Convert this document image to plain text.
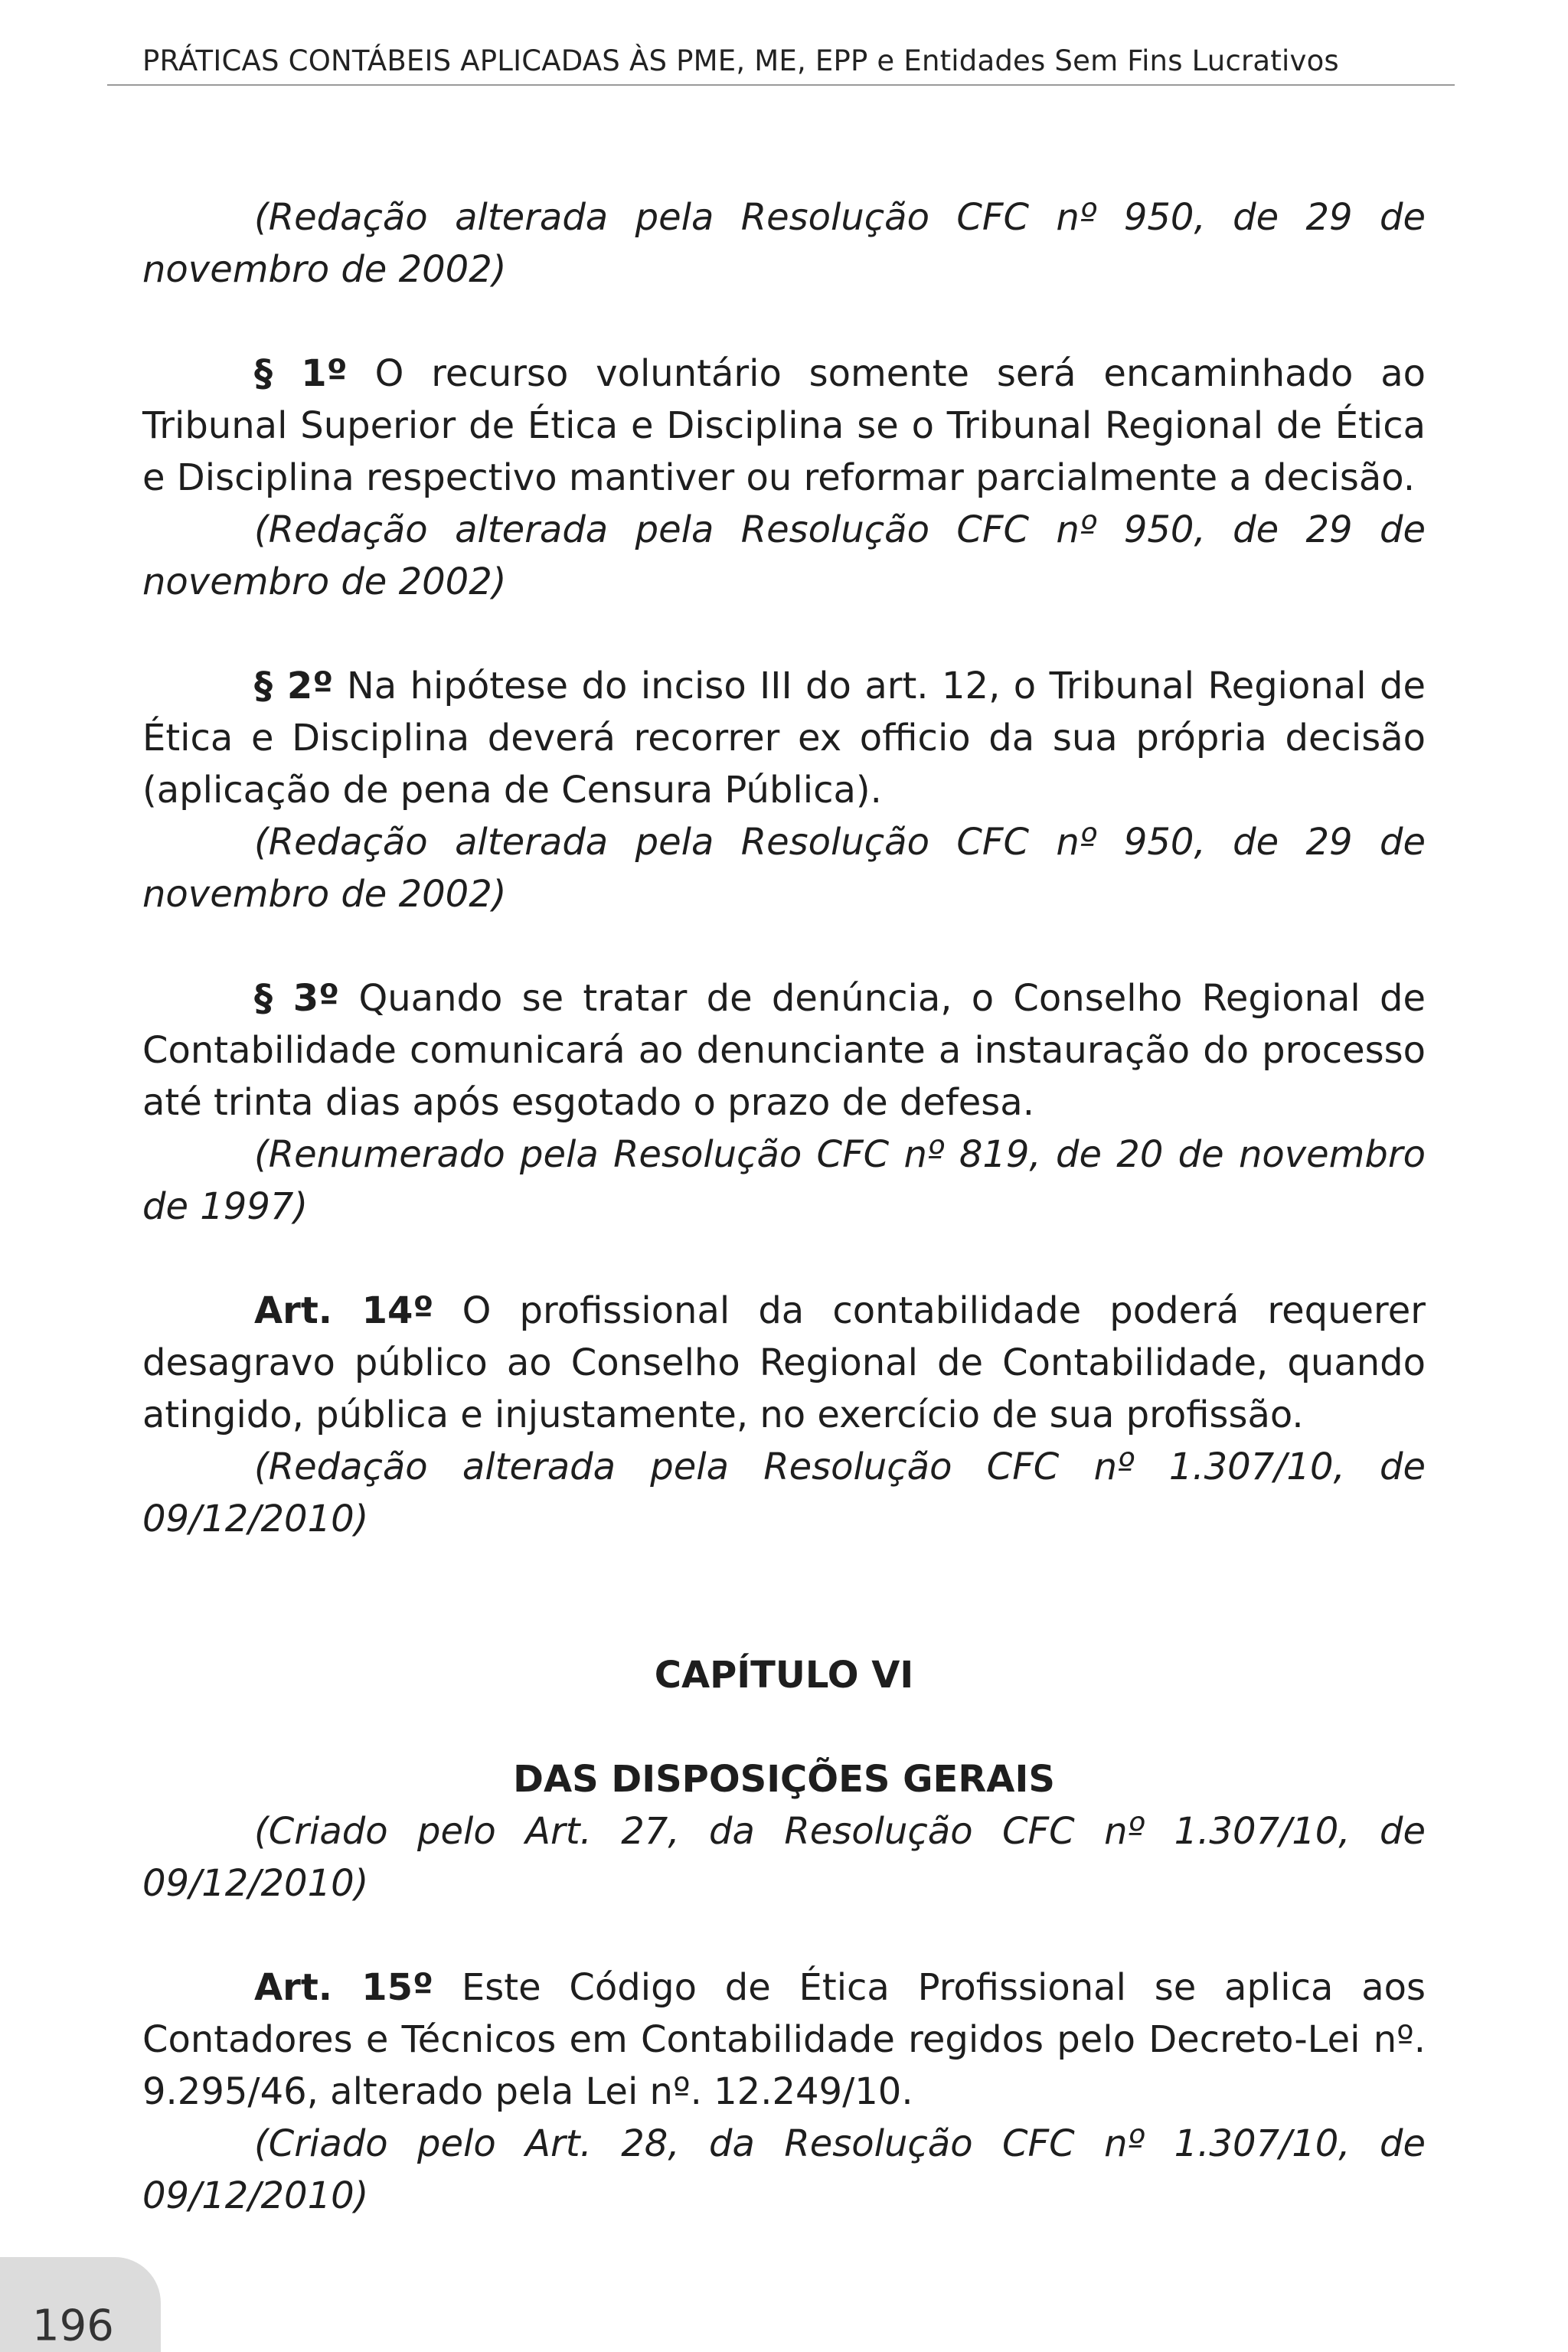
PRÁTICAS CONTÁBEIS APLICADAS ÀS PME, ME, EPP e Entidades Sem Fins Lucrativos

(Redação alterada pela Resolução CFC nº 950, de 29 de novembro de 2002)

§ 1º O recurso voluntário somente será encaminhado ao Tribunal Superior de Ética e Disciplina se o Tribunal Regional de Ética e Disciplina respectivo mantiver ou reformar parcialmente a decisão.

(Redação alterada pela Resolução CFC nº 950, de 29 de novembro de 2002)

§ 2º Na hipótese do inciso III do art. 12, o Tribunal Regional de Ética e Disciplina deverá recorrer ex officio da sua própria decisão (aplicação de pena de Censura Pública).

(Redação alterada pela Resolução CFC nº 950, de 29 de novembro de 2002)

§ 3º Quando se tratar de denúncia, o Conselho Regional de Contabilidade comunicará ao denunciante a instauração do processo até trinta dias após esgotado o prazo de defesa.

(Renumerado pela Resolução CFC nº 819, de 20 de novembro de 1997)

Art. 14º O profissional da contabilidade poderá requerer desagravo público ao Conselho Regional de Contabilidade, quando atingido, pública e injustamente, no exercício de sua profissão.

(Redação alterada pela Resolução CFC nº 1.307/10, de 09/12/2010)

CAPÍTULO VI

DAS DISPOSIÇÕES GERAIS

(Criado pelo Art. 27, da Resolução CFC nº 1.307/10, de 09/12/2010)

Art. 15º Este Código de Ética Profissional se aplica aos Contadores e Técnicos em Contabilidade regidos pelo Decreto-Lei nº. 9.295/46, alterado pela Lei nº. 12.249/10.

(Criado pelo Art. 28, da Resolução CFC nº 1.307/10, de 09/12/2010)

196
